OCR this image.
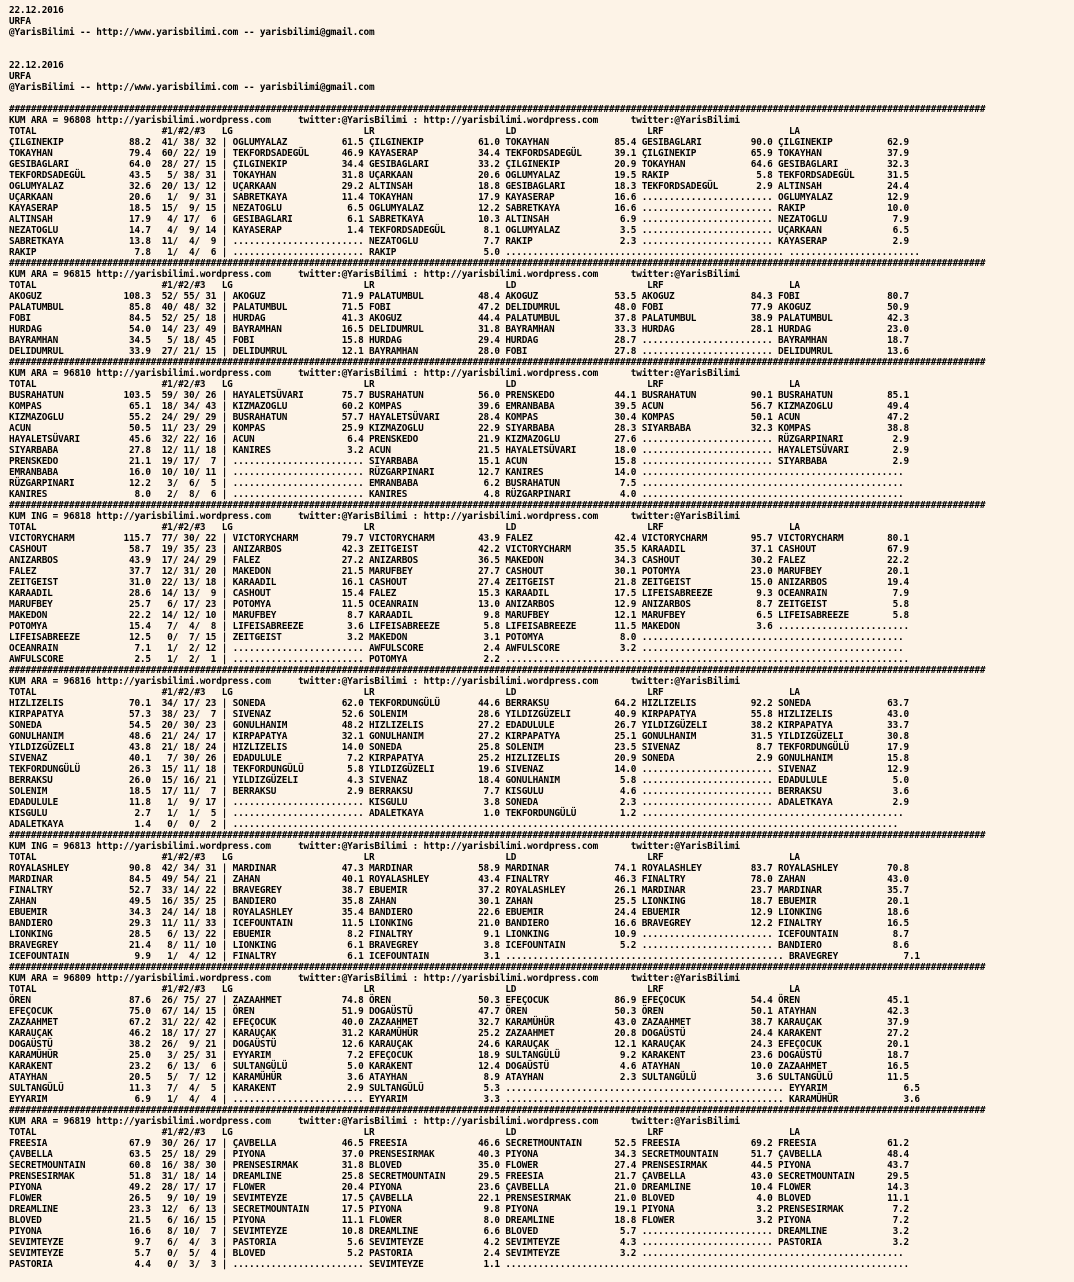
22.12.2016
URFA
@YarisBilimi -- http://www.yarisbilimi.com -- yarisbilimi@gmail.com

22.12.2016
URFA
@YarisBilimi -- http://www.yarisbilimi.com -- yarisbilimi@gmail.com

###################################################################################################################################################################################
KUM ARA = 96808 http://yarisbilimi.wordpress.com     twitter:@YarisBilimi : http://yarisbilimi.wordpress.com      twitter:@YarisBilimi
TOTAL                       #1/#2/#3   LG                        LR                        LD                        LRF                       LA
ÇILGINEKIP            88.2  41/ 38/ 32 | OGLUMYALAZ          61.5 ÇILGINEKIP          61.0 TOKAYHAN            85.4 GESIBAGLARI         90.0 ÇILGINEKIP          62.9
TOKAYHAN              79.4  60/ 22/ 19 | TEKFORDSADEGÜL      46.9 KAYASERAP           34.4 TEKFORDSADEGÜL      39.1 ÇILGINEKIP          65.9 TOKAYHAN            37.9
GESIBAGLARI           64.0  28/ 27/ 15 | ÇILGINEKIP          34.4 GESIBAGLARI         33.2 ÇILGINEKIP          20.9 TOKAYHAN            64.6 GESIBAGLARI         32.3
TEKFORDSADEGÜL        43.5   5/ 38/ 31 | TOKAYHAN            31.8 UÇARKAAN            20.6 OGLUMYALAZ          19.5 RAKIP                5.8 TEKFORDSADEGÜL      31.5
OGLUMYALAZ            32.6  20/ 13/ 12 | UÇARKAAN            29.2 ALTINSAH            18.8 GESIBAGLARI         18.3 TEKFORDSADEGÜL       2.9 ALTINSAH            24.4
UÇARKAAN              20.6   1/  9/ 31 | SABRETKAYA          11.4 TOKAYHAN            17.9 KAYASERAP           16.6 ........................ OGLUMYALAZ          12.9
KAYASERAP             18.5  15/  9/ 15 | NEZATOGLU            6.5 OGLUMYALAZ          12.2 SABRETKAYA          16.6 ........................ RAKIP               10.0
ALTINSAH              17.9   4/ 17/  6 | GESIBAGLARI          6.1 SABRETKAYA          10.3 ALTINSAH             6.9 ........................ NEZATOGLU            7.9
NEZATOGLU             14.7   4/  9/ 14 | KAYASERAP            1.4 TEKFORDSADEGÜL       8.1 OGLUMYALAZ           3.5 ........................ UÇARKAAN             6.5
SABRETKAYA            13.8  11/  4/  9 | ........................ NEZATOGLU            7.7 RAKIP                2.3 ........................ KAYASERAP            2.9
RAKIP                  7.8   1/  4/  6 | ........................ RAKIP                5.0 ................................................... ........................
###################################################################################################################################################################################
KUM ARA = 96815 http://yarisbilimi.wordpress.com     twitter:@YarisBilimi : http://yarisbilimi.wordpress.com      twitter:@YarisBilimi
TOTAL                       #1/#2/#3   LG                        LR                        LD                        LRF                       LA
AKOGUZ               108.3  52/ 55/ 31 | AKOGUZ              71.9 PALATUMBUL          48.4 AKOGUZ              53.5 AKOGUZ              84.3 FOBI                80.7
PALATUMBUL            85.8  40/ 48/ 32 | PALATUMBUL          71.5 FOBI                47.2 DELIDUMRUL          48.0 FOBI                77.9 AKOGUZ              50.9
FOBI                  84.5  52/ 25/ 18 | HURDAG              41.3 AKOGUZ              44.4 PALATUMBUL          37.8 PALATUMBUL          38.9 PALATUMBUL          42.3
HURDAG                54.0  14/ 23/ 49 | BAYRAMHAN           16.5 DELIDUMRUL          31.8 BAYRAMHAN           33.3 HURDAG              28.1 HURDAG              23.0
BAYRAMHAN             34.5   5/ 18/ 45 | FOBI                15.8 HURDAG              29.4 HURDAG              28.7 ........................ BAYRAMHAN           18.7
DELIDUMRUL            33.9  27/ 21/ 15 | DELIDUMRUL          12.1 BAYRAMHAN           28.0 FOBI                27.8 ........................ DELIDUMRUL          13.6
###################################################################################################################################################################################
KUM ARA = 96810 http://yarisbilimi.wordpress.com     twitter:@YarisBilimi : http://yarisbilimi.wordpress.com      twitter:@YarisBilimi
TOTAL                       #1/#2/#3   LG                        LR                        LD                        LRF                       LA
BUSRAHATUN           103.5  59/ 30/ 26 | HAYALETSÜVARI       75.7 BUSRAHATUN          56.0 PRENSKEDO           44.1 BUSRAHATUN          90.1 BUSRAHATUN          85.1
KOMPAS                65.1  18/ 34/ 43 | KIZMAZOGLU          60.2 KOMPAS              39.6 EMRANBABA           39.5 ACUN                56.7 KIZMAZOGLU          49.4
KIZMAZOGLU            55.2  24/ 29/ 29 | BUSRAHATUN          57.7 HAYALETSÜVARI       28.4 KOMPAS              30.4 KOMPAS              50.1 ACUN                47.2
ACUN                  50.5  11/ 23/ 29 | KOMPAS              25.9 KIZMAZOGLU          22.9 SIYARBABA           28.3 SIYARBABA           32.3 KOMPAS              38.8
HAYALETSÜVARI         45.6  32/ 22/ 16 | ACUN                 6.4 PRENSKEDO           21.9 KIZMAZOGLU          27.6 ........................ RÜZGARPINARI         2.9
SIYARBABA             27.8  12/ 11/ 18 | KANIRES              3.2 ACUN                21.5 HAYALETSÜVARI       18.0 ........................ HAYALETSÜVARI        2.9
PRENSKEDO             21.1  19/ 17/  7 | ........................ SIYARBABA           15.1 ACUN                15.8 ........................ SIYARBABA            2.9
EMRANBABA             16.0  10/ 10/ 11 | ........................ RÜZGARPINARI        12.7 KANIRES             14.0 ................................................
RÜZGARPINARI          12.2   3/  6/  5 | ........................ EMRANBABA            6.2 BUSRAHATUN           7.5 ................................................
KANIRES                8.0   2/  8/  6 | ........................ KANIRES              4.8 RÜZGARPINARI         4.0 ................................................
###################################################################################################################################################################################
KUM ING = 96818 http://yarisbilimi.wordpress.com     twitter:@YarisBilimi : http://yarisbilimi.wordpress.com      twitter:@YarisBilimi
TOTAL                       #1/#2/#3   LG                        LR                        LD                        LRF                       LA
VICTORYCHARM         115.7  77/ 30/ 22 | VICTORYCHARM        79.7 VICTORYCHARM        43.9 FALEZ               42.4 VICTORYCHARM        95.7 VICTORYCHARM        80.1
CASHOUT               58.7  19/ 35/ 23 | ANIZARBOS           42.3 ZEITGEIST           42.2 VICTORYCHARM        35.5 KARAADIL            37.1 CASHOUT             67.9
ANIZARBOS             43.9  17/ 24/ 29 | FALEZ               27.2 ANIZARBOS           36.5 MAKEDON             34.3 CASHOUT             30.2 FALEZ               22.2
FALEZ                 37.7  12/ 31/ 20 | MAKEDON             21.5 MARUFBEY            27.7 CASHOUT             30.1 POTOMYA             23.0 MARUFBEY            20.1
ZEITGEIST             31.0  22/ 13/ 18 | KARAADIL            16.1 CASHOUT             27.4 ZEITGEIST           21.8 ZEITGEIST           15.0 ANIZARBOS           19.4
KARAADIL              28.6  14/ 13/  9 | CASHOUT             15.4 FALEZ               15.3 KARAADIL            17.5 LIFEISABREEZE        9.3 OCEANRAIN            7.9
MARUFBEY              25.7   6/ 17/ 23 | POTOMYA             11.5 OCEANRAIN           13.0 ANIZARBOS           12.9 ANIZARBOS            8.7 ZEITGEIST            5.8
MAKEDON               22.2  14/ 12/ 10 | MARUFBEY             8.7 KARAADIL             9.8 MARUFBEY            12.1 MARUFBEY             6.5 LIFEISABREEZE        5.8
POTOMYA               15.4   7/  4/  8 | LIFEISABREEZE        3.6 LIFEISABREEZE        5.8 LIFEISABREEZE       11.5 MAKEDON              3.6 ........................
LIFEISABREEZE         12.5   0/  7/ 15 | ZEITGEIST            3.2 MAKEDON              3.1 POTOMYA              8.0 ................................................
OCEANRAIN              7.1   1/  2/ 12 | ........................ AWFULSCORE           2.4 AWFULSCORE           3.2 ................................................
AWFULSCORE             2.5   1/  2/  1 | ........................ POTOMYA              2.2 ..........................................................................
###################################################################################################################################################################################
KUM ARA = 96816 http://yarisbilimi.wordpress.com     twitter:@YarisBilimi : http://yarisbilimi.wordpress.com      twitter:@YarisBilimi
TOTAL                       #1/#2/#3   LG                        LR                        LD                        LRF                       LA
HIZLIZELIS            70.1  34/ 17/ 23 | SONEDA              62.0 TEKFORDUNGÜLÜ       44.6 BERRAKSU            64.2 HIZLIZELIS          92.2 SONEDA              63.7
KIRPAPATYA            57.3  38/ 23/  7 | SIVENAZ             52.6 SOLENIM             28.6 YILDIZGÜZELI        40.9 KIRPAPATYA          55.8 HIZLIZELIS          43.0
SONEDA                54.5  20/ 30/ 23 | GONULHANIM          48.2 HIZLIZELIS          27.2 EDADULULE           26.7 YILDIZGÜZELI        38.2 KIRPAPATYA          33.7
GONULHANIM            48.6  21/ 24/ 17 | KIRPAPATYA          32.1 GONULHANIM          27.2 KIRPAPATYA          25.1 GONULHANIM          31.5 YILDIZGÜZELI        30.8
YILDIZGÜZELI          43.8  21/ 18/ 24 | HIZLIZELIS          14.0 SONEDA              25.8 SOLENIM             23.5 SIVENAZ              8.7 TEKFORDUNGÜLÜ       17.9
SIVENAZ               40.1   7/ 30/ 26 | EDADULULE            7.2 KIRPAPATYA          25.2 HIZLIZELIS          20.9 SONEDA               2.9 GONULHANIM          15.8
TEKFORDUNGÜLÜ         26.3  15/ 11/ 18 | TEKFORDUNGÜLÜ        5.8 YILDIZGÜZELI        19.6 SIVENAZ             14.0 ........................ SIVENAZ             12.9
BERRAKSU              26.0  15/ 16/ 21 | YILDIZGÜZELI         4.3 SIVENAZ             18.4 GONULHANIM           5.8 ........................ EDADULULE            5.0
SOLENIM               18.5  17/ 11/  7 | BERRAKSU             2.9 BERRAKSU             7.7 KISGULU              4.6 ........................ BERRAKSU             3.6
EDADULULE             11.8   1/  9/ 17 | ........................ KISGULU              3.8 SONEDA               2.3 ........................ ADALETKAYA           2.9
KISGULU                2.7   1/  1/  5 | ........................ ADALETKAYA           1.0 TEKFORDUNGÜLÜ        1.2 ................................................
ADALETKAYA             1.4   0/  0/  2 | ..........................................................................................................................
###################################################################################################################################################################################
KUM ING = 96813 http://yarisbilimi.wordpress.com     twitter:@YarisBilimi : http://yarisbilimi.wordpress.com      twitter:@YarisBilimi
TOTAL                       #1/#2/#3   LG                        LR                        LD                        LRF                       LA
ROYALASHLEY           90.8  42/ 34/ 31 | MARDINAR            47.3 MARDINAR            58.9 MARDINAR            74.1 ROYALASHLEY         83.7 ROYALASHLEY         70.8
MARDINAR              84.5  49/ 54/ 21 | ZAHAN               40.1 ROYALASHLEY         43.4 FINALTRY            46.3 FINALTRY            78.0 ZAHAN               43.0
FINALTRY              52.7  33/ 14/ 22 | BRAVEGREY           38.7 EBUEMIR             37.2 ROYALASHLEY         26.1 MARDINAR            23.7 MARDINAR            35.7
ZAHAN                 49.5  16/ 35/ 25 | BANDIERO            35.8 ZAHAN               30.1 ZAHAN               25.5 LIONKING            18.7 EBUEMIR             20.1
EBUEMIR               34.3  24/ 14/ 18 | ROYALASHLEY         35.4 BANDIERO            22.6 EBUEMIR             24.4 EBUEMIR             12.9 LIONKING            18.6
BANDIERO              29.3  11/ 11/ 33 | ICEFOUNTAIN         11.5 LIONKING            21.0 BANDIERO            16.6 BRAVEGREY           12.2 FINALTRY            16.5
LIONKING              28.5   6/ 13/ 22 | EBUEMIR              8.2 FINALTRY             9.1 LIONKING            10.9 ........................ ICEFOUNTAIN          8.7
BRAVEGREY             21.4   8/ 11/ 10 | LIONKING             6.1 BRAVEGREY            3.8 ICEFOUNTAIN          5.2 ........................ BANDIERO             8.6
ICEFOUNTAIN            9.9   1/  4/ 12 | FINALTRY             6.1 ICEFOUNTAIN          3.1 ................................................... BRAVEGREY            7.1
###################################################################################################################################################################################
KUM ARA = 96809 http://yarisbilimi.wordpress.com     twitter:@YarisBilimi : http://yarisbilimi.wordpress.com      twitter:@YarisBilimi
TOTAL                       #1/#2/#3   LG                        LR                        LD                        LRF                       LA
ÖREN                  87.6  26/ 75/ 27 | ZAZAAHMET           74.8 ÖREN                50.3 EFEÇOCUK            86.9 EFEÇOCUK            54.4 ÖREN                45.1
EFEÇOCUK              75.0  67/ 14/ 15 | ÖREN                51.9 DOGAÜSTÜ            47.7 ÖREN                50.3 ÖREN                50.1 ATAYHAN             42.3
ZAZAAHMET             67.2  31/ 22/ 42 | EFEÇOCUK            40.0 ZAZAAHMET           32.7 KARAMÜHÜR           43.0 ZAZAAHMET           38.7 KARAUÇAK            37.9
KARAUÇAK              46.2  18/ 17/ 27 | KARAUÇAK            31.2 KARAMÜHÜR           25.2 ZAZAAHMET           20.8 DOGAÜSTÜ            24.4 KARAKENT            27.2
DOGAÜSTÜ              38.2  26/  9/ 21 | DOGAÜSTÜ            12.6 KARAUÇAK            24.6 KARAUÇAK            12.1 KARAUÇAK            24.3 EFEÇOCUK            20.1
KARAMÜHÜR             25.0   3/ 25/ 31 | EYYARIM              7.2 EFEÇOCUK            18.9 SULTANGÜLÜ           9.2 KARAKENT            23.6 DOGAÜSTÜ            18.7
KARAKENT              23.2   6/ 13/  6 | SULTANGÜLÜ           5.0 KARAKENT            12.4 DOGAÜSTÜ             4.6 ATAYHAN             10.0 ZAZAAHMET           16.5
ATAYHAN               20.5   5/  7/ 12 | KARAMÜHÜR            3.6 ATAYHAN              8.9 ATAYHAN              2.3 SULTANGÜLÜ           3.6 SULTANGÜLÜ          11.5
SULTANGÜLÜ            11.3   7/  4/  5 | KARAKENT             2.9 SULTANGÜLÜ           5.3 ................................................... EYYARIM              6.5
EYYARIM                6.9   1/  4/  4 | ........................ EYYARIM              3.3 ................................................... KARAMÜHÜR            3.6
###################################################################################################################################################################################
KUM ARA = 96819 http://yarisbilimi.wordpress.com     twitter:@YarisBilimi : http://yarisbilimi.wordpress.com      twitter:@YarisBilimi
TOTAL                       #1/#2/#3   LG                        LR                        LD                        LRF                       LA
FREESIA               67.9  30/ 26/ 17 | ÇAVBELLA            46.5 FREESIA             46.6 SECRETMOUNTAIN      52.5 FREESIA             69.2 FREESIA             61.2
ÇAVBELLA              63.5  25/ 18/ 29 | PIYONA              37.0 PRENSESIRMAK        40.3 PIYONA              34.3 SECRETMOUNTAIN      51.7 ÇAVBELLA            48.4
SECRETMOUNTAIN        60.8  16/ 38/ 30 | PRENSESIRMAK        31.8 BLOVED              35.0 FLOWER              27.4 PRENSESIRMAK        44.5 PIYONA              43.7
PRENSESIRMAK          51.8  31/ 18/ 14 | DREAMLINE           25.8 SECRETMOUNTAIN      29.5 FREESIA             21.7 ÇAVBELLA            43.0 SECRETMOUNTAIN      29.5
PIYONA                49.2  28/ 17/ 17 | FLOWER              20.4 PIYONA              23.6 ÇAVBELLA            21.0 DREAMLINE           10.4 FLOWER              14.3
FLOWER                26.5   9/ 10/ 19 | SEVIMTEYZE          17.5 ÇAVBELLA            22.1 PRENSESIRMAK        21.0 BLOVED               4.0 BLOVED              11.1
DREAMLINE             23.3  12/  6/ 13 | SECRETMOUNTAIN      17.5 PIYONA               9.8 PIYONA              19.1 PIYONA               3.2 PRENSESIRMAK         7.2
BLOVED                21.5   6/ 16/ 15 | PIYONA              11.1 FLOWER               8.0 DREAMLINE           18.8 FLOWER               3.2 PIYONA               7.2
PIYONA                16.6   8/ 10/  7 | SEVIMTEYZE          10.8 DREAMLINE            6.6 BLOVED               5.7 ........................ DREAMLINE            3.2
SEVIMTEYZE             9.7   6/  4/  3 | PASTORIA             5.6 SEVIMTEYZE           4.2 SEVIMTEYZE           4.3 ........................ PASTORIA             3.2
SEVIMTEYZE             5.7   0/  5/  4 | BLOVED               5.2 PASTORIA             2.4 SEVIMTEYZE           3.2 ................................................
PASTORIA               4.4   0/  3/  3 | ........................ SEVIMTEYZE           1.1 ..........................................................................
